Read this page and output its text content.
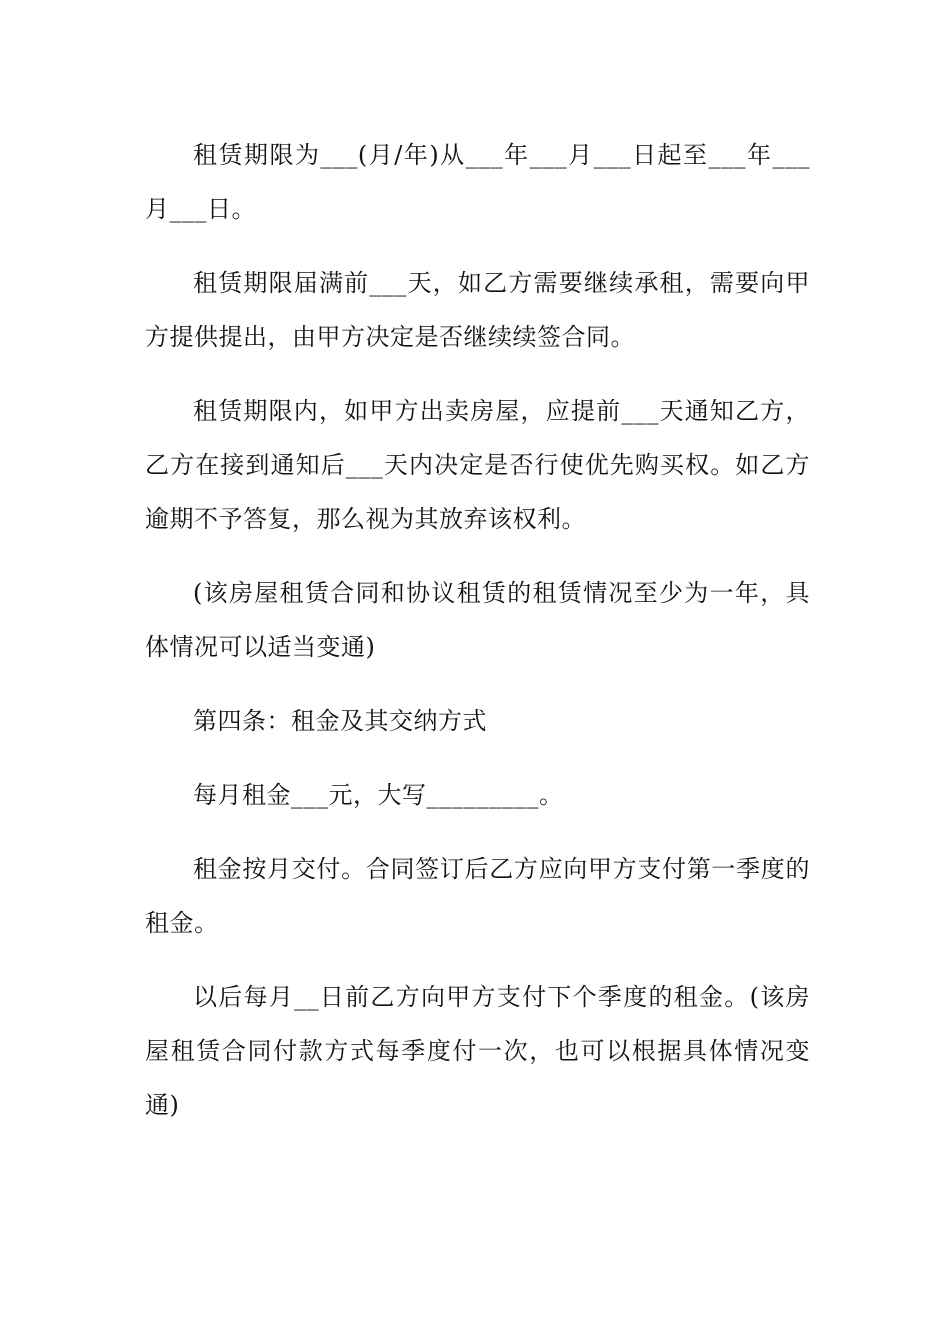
租赁期限为___(月/年)从___年___月___日起至___年___月___日。

租赁期限届满前___天，如乙方需要继续承租，需要向甲方提供提出，由甲方决定是否继续续签合同。

租赁期限内，如甲方出卖房屋，应提前___天通知乙方，乙方在接到通知后___天内决定是否行使优先购买权。如乙方逾期不予答复，那么视为其放弃该权利。

(该房屋租赁合同和协议租赁的租赁情况至少为一年，具体情况可以适当变通)

第四条：租金及其交纳方式

每月租金___元，大写_________。

租金按月交付。合同签订后乙方应向甲方支付第一季度的租金。

以后每月__日前乙方向甲方支付下个季度的租金。(该房屋租赁合同付款方式每季度付一次，也可以根据具体情况变通)
